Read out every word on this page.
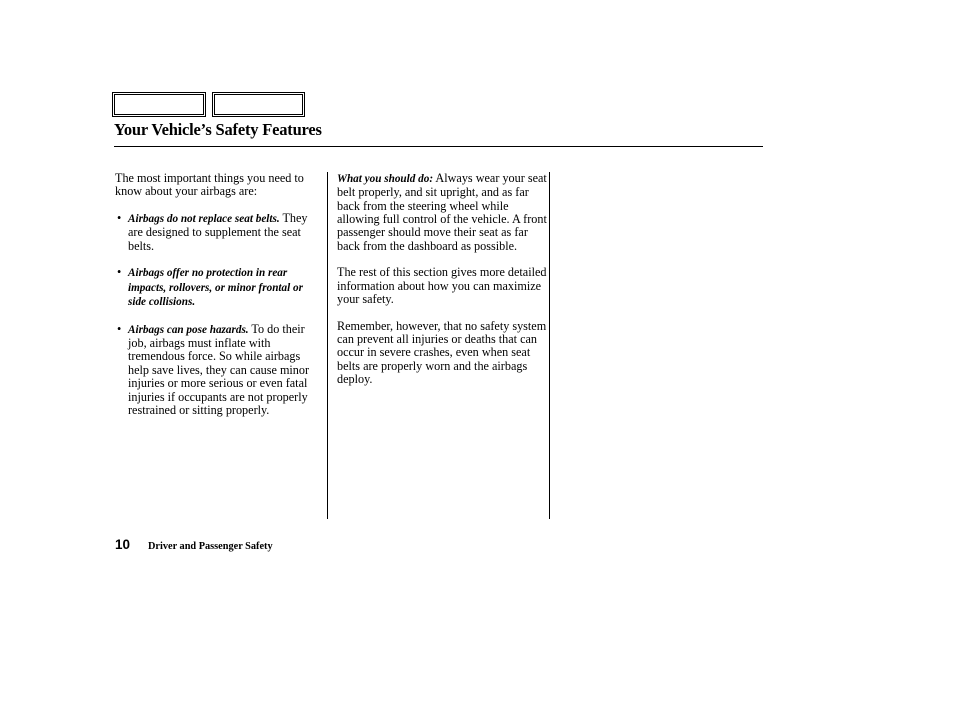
Your Vehicle’s Safety Features

The most important things you need to know about your airbags are:

• Airbags do not replace seat belts. They are designed to supplement the seat belts.

• Airbags offer no protection in rear impacts, rollovers, or minor frontal or side collisions.

• Airbags can pose hazards. To do their job, airbags must inflate with tremendous force. So while airbags help save lives, they can cause minor injuries or more serious or even fatal injuries if occupants are not properly restrained or sitting properly.

What you should do: Always wear your seat belt properly, and sit upright, and as far back from the steering wheel while allowing full control of the vehicle. A front passenger should move their seat as far back from the dashboard as possible.

The rest of this section gives more detailed information about how you can maximize your safety.

Remember, however, that no safety system can prevent all injuries or deaths that can occur in severe crashes, even when seat belts are properly worn and the airbags deploy.

10 Driver and Passenger Safety
